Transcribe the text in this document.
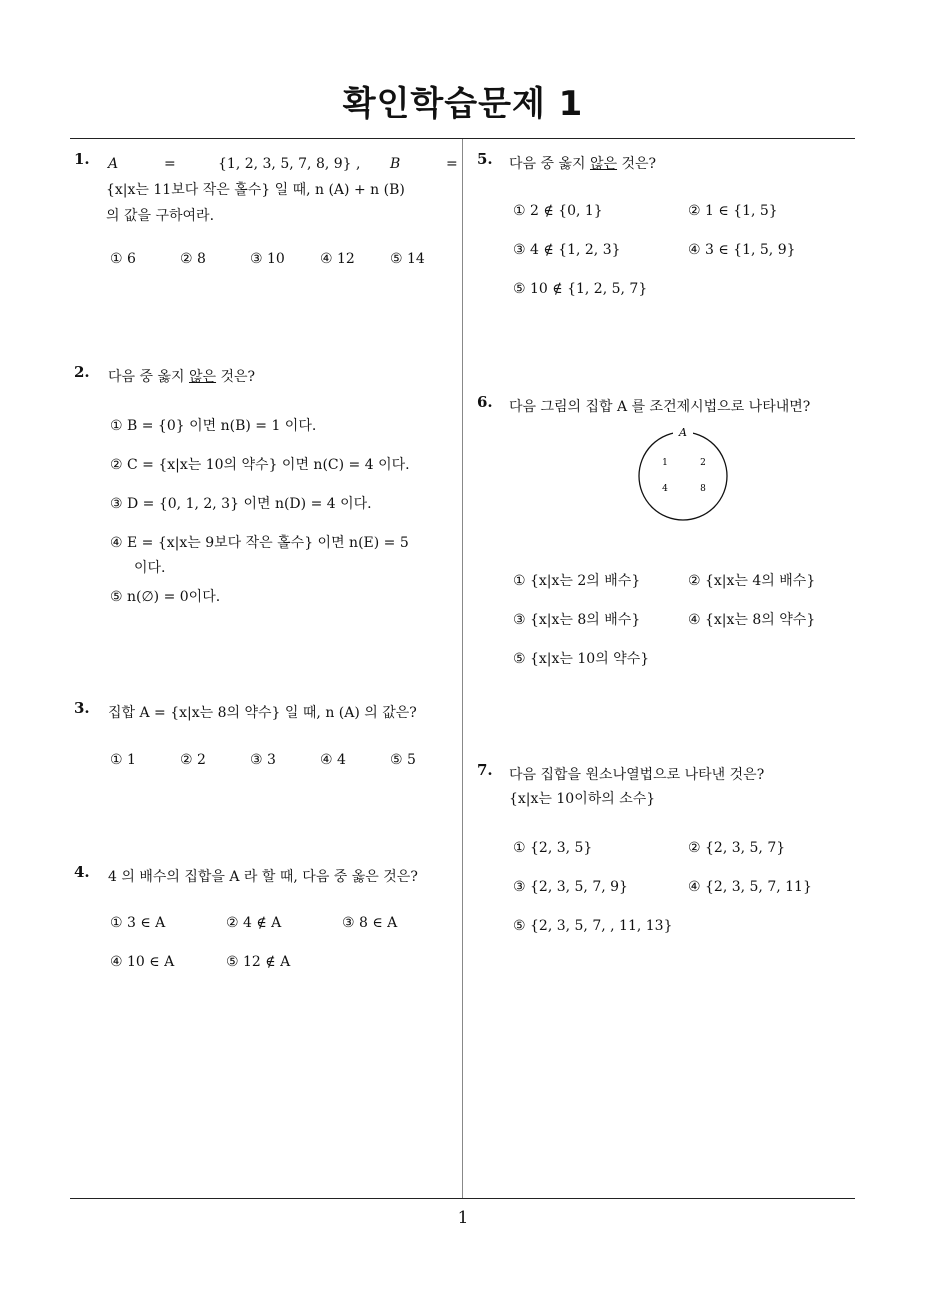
확인학습문제 1
1. A	=	{1, 2, 3, 5, 7, 8, 9} , B	=
{x|x는 11보다 작은 홀수} 일 때, n (A) + n (B)
의 값을 구하여라.
① 6	② 8	③ 10	④ 12	⑤ 14
2. 다음 중 옳지 않은 것은?
① B = {0} 이면 n(B) = 1 이다.
② C = {x|x는 10의 약수} 이면 n(C) = 4 이다.
③ D = {0, 1, 2, 3} 이면 n(D) = 4 이다.
④ E = {x|x는 9보다 작은 홀수} 이면 n(E) = 5
이다.
⑤ n(∅) = 0이다.
3. 집합 A = {x|x는 8의 약수} 일 때, n (A) 의 값은?
① 1	② 2	③ 3	④ 4	⑤ 5
4. 4 의 배수의 집합을 A 라 할 때, 다음 중 옳은 것은?
① 3 ∈ A	② 4 ∉ A	③ 8 ∈ A
④ 10 ∈ A	⑤ 12 ∉ A
5. 다음 중 옳지 않은 것은?
① 2 ∉ {0, 1}	② 1 ∈ {1, 5}
③ 4 ∉ {1, 2, 3}	④ 3 ∈ {1, 5, 9}
⑤ 10 ∉ {1, 2, 5, 7}
6. 다음 그림의 집합 A 를 조건제시법으로 나타내면?
A
1	2
4	8
① {x|x는 2의 배수}	② {x|x는 4의 배수}
③ {x|x는 8의 배수}	④ {x|x는 8의 약수}
⑤ {x|x는 10의 약수}
7. 다음 집합을 원소나열법으로 나타낸 것은?
{x|x는 10이하의 소수}
① {2, 3, 5}	② {2, 3, 5, 7}
③ {2, 3, 5, 7, 9}	④ {2, 3, 5, 7, 11}
⑤ {2, 3, 5, 7, , 11, 13}
1
